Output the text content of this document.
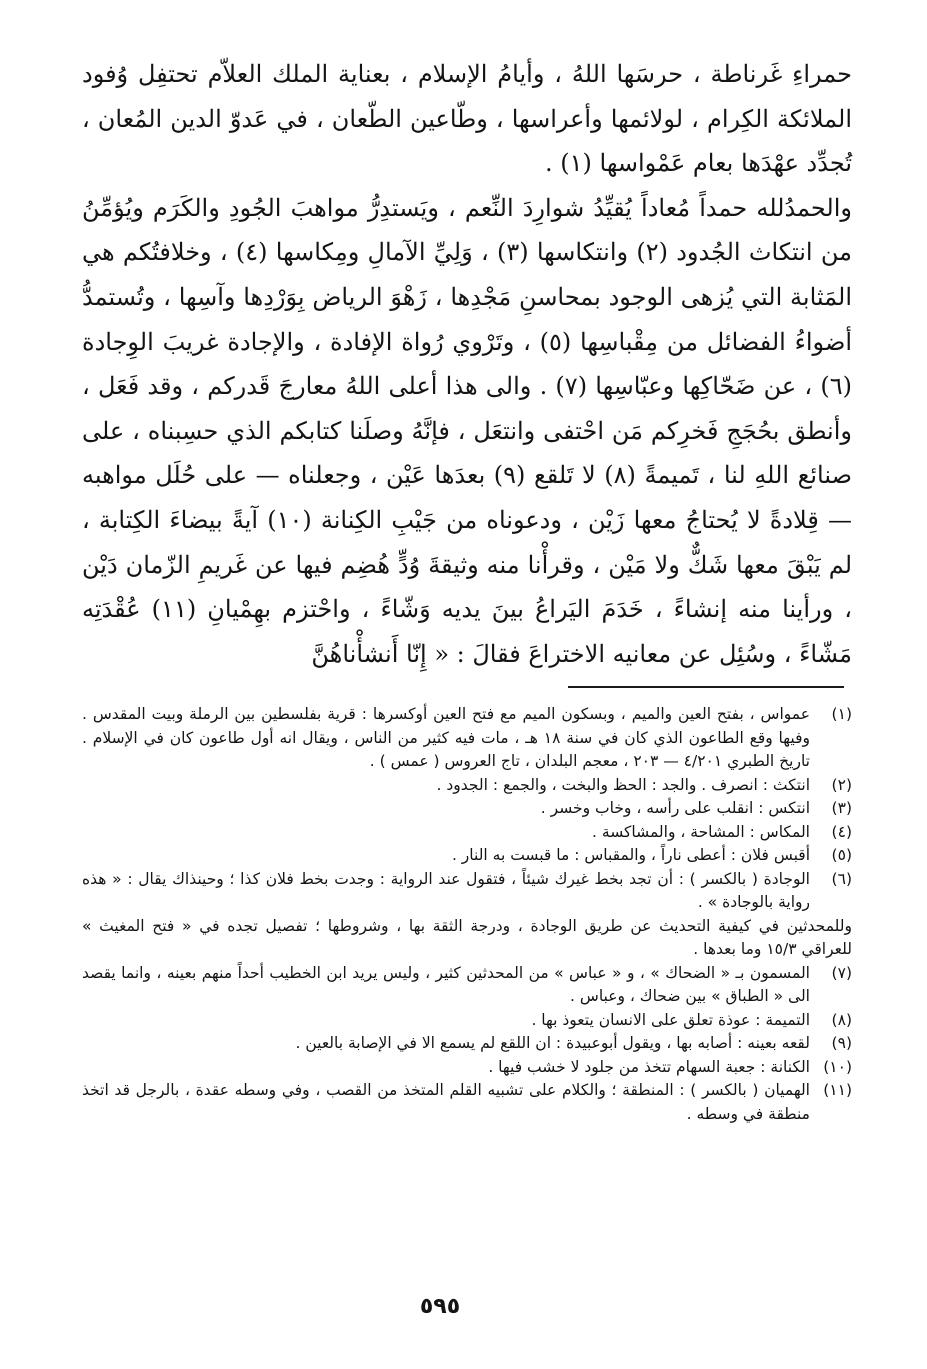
حمراءِ غَرناطة ، حرسَها اللهُ ، وأيامُ الإسلام ، بعناية الملك العلاّم تحتفِل وُفود الملائكة الكِرام ، لولائمها وأعراسها ، وطّاعين الطّعان ، في عَدوّ الدين المُعان ، تُجدِّد عهْدَها بعام عَمْواسها (١) .

والحمدُلله حمداً مُعاداً يُقيِّدُ شوارِدَ النِّعم ، ويَستدِرُّ مواهبَ الجُودِ والكَرَم ويُؤمِّنُ من انتكاث الجُدود (٢) وانتكاسها (٣) ، وَلِيِّ الآمالِ ومِكاسها (٤) ، وخلافتُكم هي المَثابة التي يُزهى الوجود بمحاسنِ مَجْدِها ، زَهْوَ الرياض بِوَرْدِها وآسِها ، وتُستمدُّ أضواءُ الفضائل من مِقْباسِها (٥) ، وتَرْوي رُواة الإفادة ، والإجادة غريبَ الوِجادة (٦) ، عن ضَحّاكِها وعبّاسِها (٧) . والى هذا أعلى اللهُ معارجَ قَدركم ، وقد فَعَل ، وأنطق بحُجَجِ فَخرِكم مَن احْتفى وانتعَل ، فإنَّهُ وصلَنا كتابكم الذي حسِبناه ، على صنائع اللهِ لنا ، تَميمةً (٨) لا تَلقع (٩) بعدَها عَيْن ، وجعلناه — على حُلَل مواهبه — قِلادةً لا يُحتاجُ معها زَيْن ، ودعوناه من جَيْبِ الكِنانة (١٠) آيةً بيضاءَ الكِتابة ، لم يَبْقَ معها شَكٌّ ولا مَيْن ، وقرأْنا منه وثيقةَ وُدٍّ هُضِم فيها عن غَريمِ الزّمان دَيْن ، ورأينا منه إنشاءً ، خَدَمَ اليَراعُ بينَ يديه وَشّاءً ، واحْتزم بهِمْيانِ (١١) عُقْدَتِه مَشّاءً ، وسُئِل عن معانيه الاختراعَ فقالَ : « إِنّا أَنشأْناهُنَّ

(١)
عمواس ، بفتح العين والميم ، وبسكون الميم مع فتح العين أوكسرها : قرية بفلسطين بين الرملة وبيت المقدس . وفيها وقع الطاعون الذي كان في سنة ١٨ هـ ، مات فيه كثير من الناس ، ويقال انه أول طاعون كان في الإسلام . تاريخ الطبري ٤/٢٠١ — ٢٠٣ ، معجم البلدان ، تاج العروس ( عمس ) .
(٢)
انتكث : انصرف . والجد : الحظ والبخت ، والجمع : الجدود .
(٣)
انتكس : انقلب على رأسه ، وخاب وخسر .
(٤)
المكاس : المشاحة ، والمشاكسة .
(٥)
أقبس فلان : أعطى ناراً ، والمقباس : ما قبست به النار .
(٦)
الوجادة ( بالكسر ) : أن تجد بخط غيرك شيئاً ، فتقول عند الرواية : وجدت بخط فلان كذا ؛ وحينذاك يقال : « هذه رواية بالوجادة » .
وللمحدثين في كيفية التحديث عن طريق الوجادة ، ودرجة الثقة بها ، وشروطها ؛ تفصيل تجده في « فتح المغيث » للعراقي ١٥/٣ وما بعدها .
(٧)
المسمون بـ « الضحاك » ، و « عباس » من المحدثين كثير ، وليس يريد ابن الخطيب أحداً منهم بعينه ، وانما يقصد الى « الطباق » بين ضحاك ، وعباس .
(٨)
التميمة : عوذة تعلق على الانسان يتعوذ بها .
(٩)
لقعه بعينه : أصابه بها ، ويقول أبوعبيدة : ان اللقع لم يسمع الا في الإصابة بالعين .
(١٠)
الكنانة : جعبة السهام تتخذ من جلود لا خشب فيها .
(١١)
الهميان ( بالكسر ) : المنطقة ؛ والكلام على تشبيه القلم المتخذ من القصب ، وفي وسطه عقدة ، بالرجل قد اتخذ منطقة في وسطه .
٥٩٥
